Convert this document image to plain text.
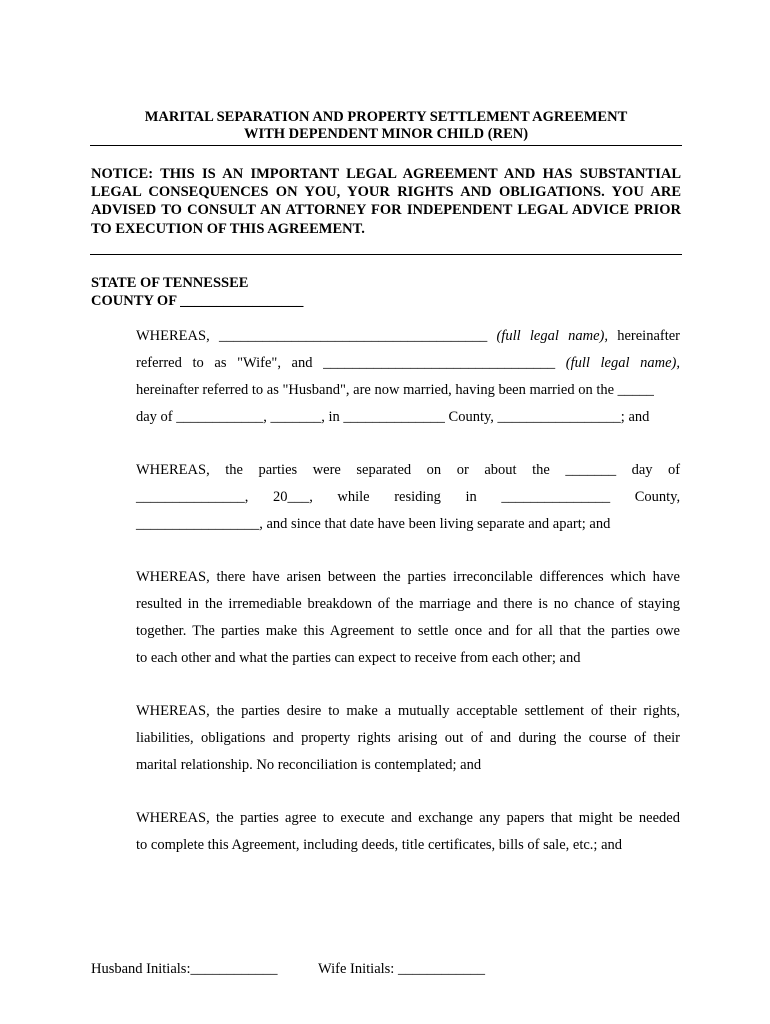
MARITAL SEPARATION AND PROPERTY SETTLEMENT AGREEMENT
WITH DEPENDENT MINOR CHILD (REN)

NOTICE: THIS IS AN IMPORTANT LEGAL AGREEMENT AND HAS SUBSTANTIAL LEGAL CONSEQUENCES ON YOU, YOUR RIGHTS AND OBLIGATIONS. YOU ARE ADVISED TO CONSULT AN ATTORNEY FOR INDEPENDENT LEGAL ADVICE PRIOR TO EXECUTION OF THIS AGREEMENT.

STATE OF TENNESSEE
COUNTY OF _________________
WHEREAS, _____________________________________ (full legal name), hereinafter
referred to as "Wife", and ________________________________ (full legal name),
hereinafter referred to as "Husband", are now married, having been married on the _____
day of ____________, _______, in ______________ County, _________________; and
WHEREAS, the parties were separated on or about the _______ day of
_______________, 20___, while residing in _______________ County,
_________________, and since that date have been living separate and apart; and
WHEREAS, there have arisen between the parties irreconcilable differences which have
resulted in the irremediable breakdown of the marriage and there is no chance of staying
together. The parties make this Agreement to settle once and for all that the parties owe
to each other and what the parties can expect to receive from each other; and
WHEREAS, the parties desire to make a mutually acceptable settlement of their rights,
liabilities, obligations and property rights arising out of and during the course of their
marital relationship. No reconciliation is contemplated; and
WHEREAS, the parties agree to execute and exchange any papers that might be needed
to complete this Agreement, including deeds, title certificates, bills of sale, etc.; and
Husband Initials:____________	Wife Initials: ____________
